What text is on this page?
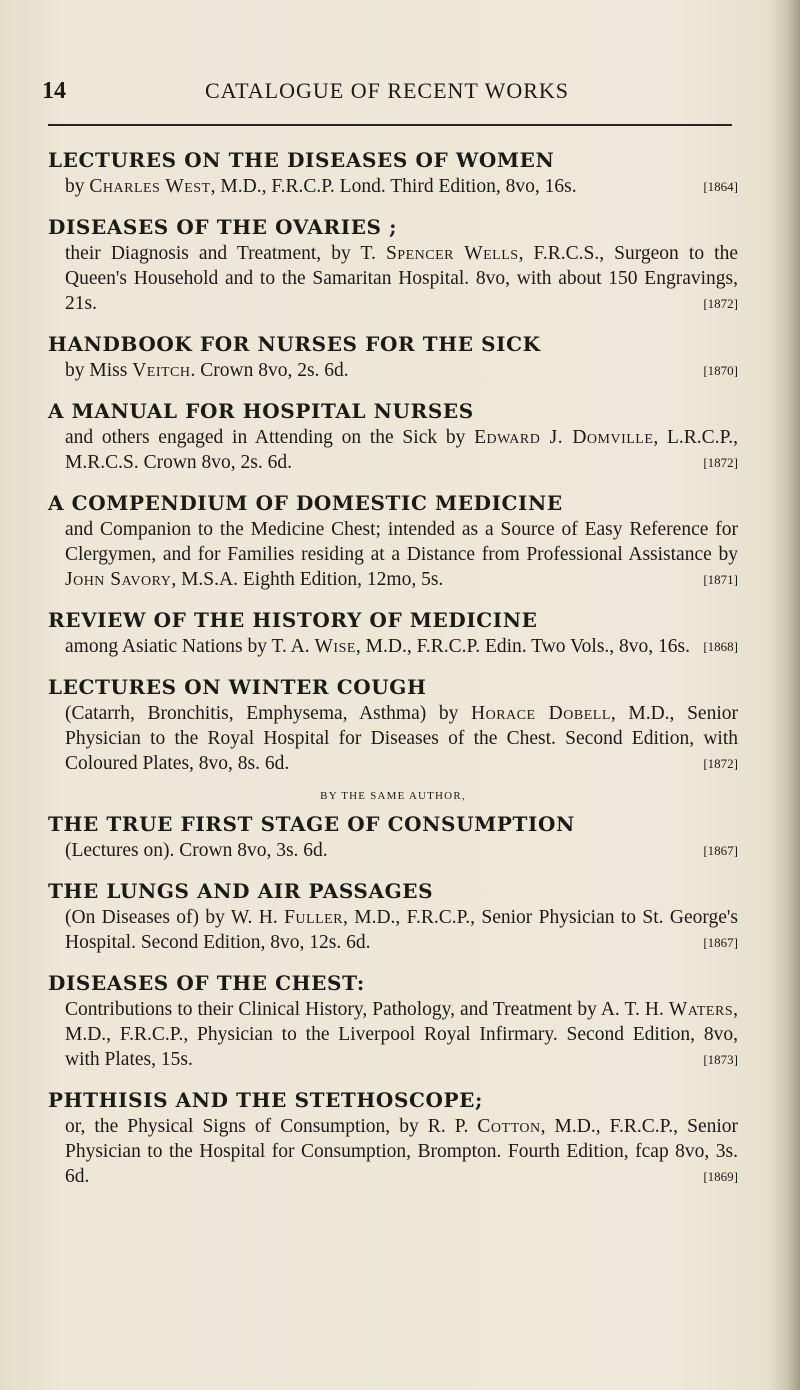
14	CATALOGUE OF RECENT WORKS

LECTURES ON THE DISEASES OF WOMEN

by Charles West, M.D., F.R.C.P. Lond. Third Edition, 8vo, 16s.	[1864]

DISEASES OF THE OVARIES ;

their Diagnosis and Treatment, by T. Spencer Wells, F.R.C.S., Surgeon to the Queen's Household and to the Samaritan Hospital. 8vo, with about 150 Engravings, 21s.	[1872]

HANDBOOK FOR NURSES FOR THE SICK

by Miss Veitch. Crown 8vo, 2s. 6d.	[1870]

A MANUAL FOR HOSPITAL NURSES

and others engaged in Attending on the Sick by Edward J. Domville, L.R.C.P., M.R.C.S. Crown 8vo, 2s. 6d.	[1872]

A COMPENDIUM OF DOMESTIC MEDICINE

and Companion to the Medicine Chest; intended as a Source of Easy Reference for Clergymen, and for Families residing at a Distance from Professional Assistance by John Savory, M.S.A. Eighth Edition, 12mo, 5s.	[1871]

REVIEW OF THE HISTORY OF MEDICINE

among Asiatic Nations by T. A. Wise, M.D., F.R.C.P. Edin. Two Vols., 8vo, 16s. [1868]

LECTURES ON WINTER COUGH

(Catarrh, Bronchitis, Emphysema, Asthma) by Horace Dobell, M.D., Senior Physician to the Royal Hospital for Diseases of the Chest. Second Edition, with Coloured Plates, 8vo, 8s. 6d.	[1872]

BY THE SAME AUTHOR,

THE TRUE FIRST STAGE OF CONSUMPTION

(Lectures on). Crown 8vo, 3s. 6d.	[1867]

THE LUNGS AND AIR PASSAGES

(On Diseases of) by W. H. Fuller, M.D., F.R.C.P., Senior Physician to St. George's Hospital. Second Edition, 8vo, 12s. 6d.	[1867]

DISEASES OF THE CHEST:

Contributions to their Clinical History, Pathology, and Treatment by A. T. H. Waters, M.D., F.R.C.P., Physician to the Liverpool Royal Infirmary. Second Edition, 8vo, with Plates, 15s.	[1873]

PHTHISIS AND THE STETHOSCOPE;

or, the Physical Signs of Consumption, by R. P. Cotton, M.D., F.R.C.P., Senior Physician to the Hospital for Consumption, Brompton. Fourth Edition, fcap 8vo, 3s. 6d.	[1869]
